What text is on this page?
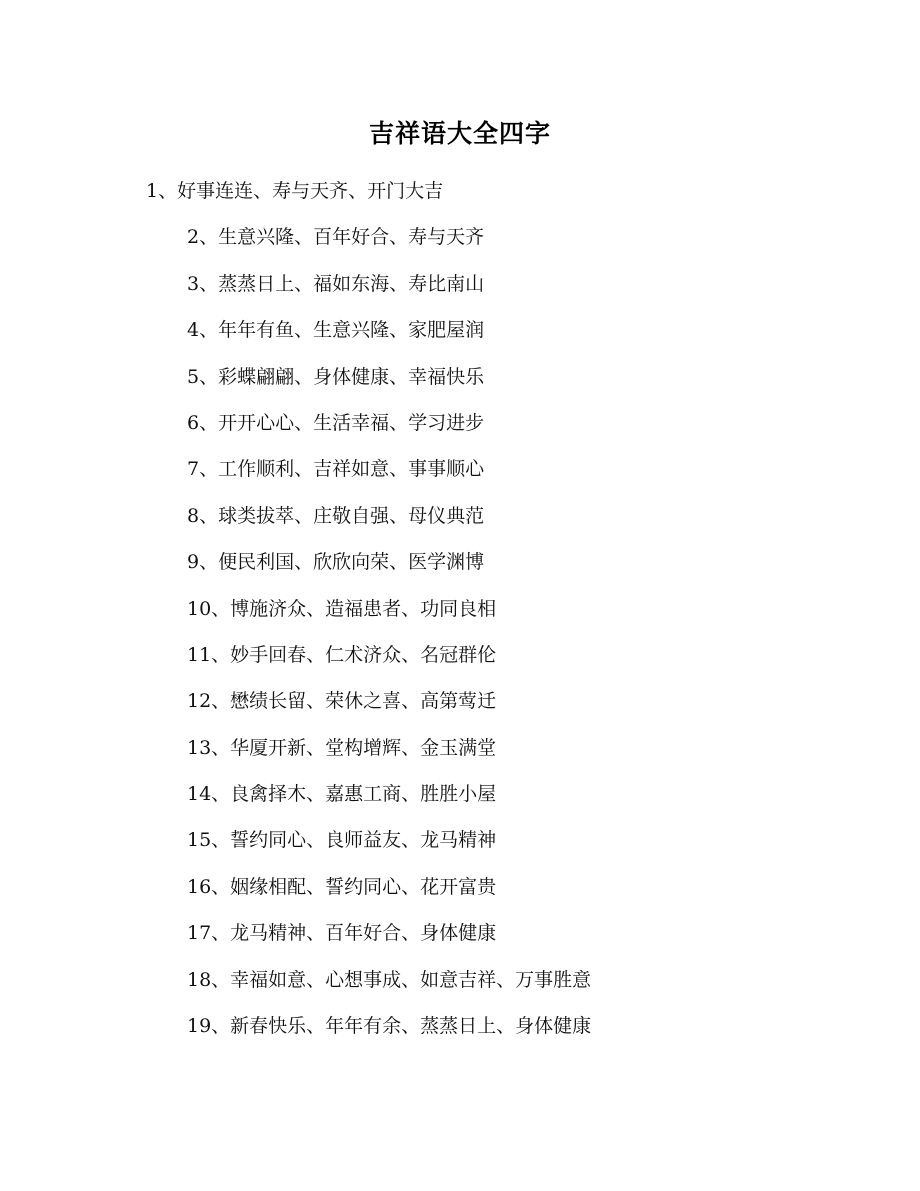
吉祥语大全四字
1、好事连连、寿与天齐、开门大吉
2、生意兴隆、百年好合、寿与天齐
3、蒸蒸日上、福如东海、寿比南山
4、年年有鱼、生意兴隆、家肥屋润
5、彩蝶翩翩、身体健康、幸福快乐
6、开开心心、生活幸福、学习进步
7、工作顺利、吉祥如意、事事顺心
8、球类拔萃、庄敬自强、母仪典范
9、便民利国、欣欣向荣、医学渊博
10、博施济众、造福患者、功同良相
11、妙手回春、仁术济众、名冠群伦
12、懋绩长留、荣休之喜、高第莺迁
13、华厦开新、堂构增辉、金玉满堂
14、良禽择木、嘉惠工商、胜胜小屋
15、誓约同心、良师益友、龙马精神
16、姻缘相配、誓约同心、花开富贵
17、龙马精神、百年好合、身体健康
18、幸福如意、心想事成、如意吉祥、万事胜意
19、新春快乐、年年有余、蒸蒸日上、身体健康
